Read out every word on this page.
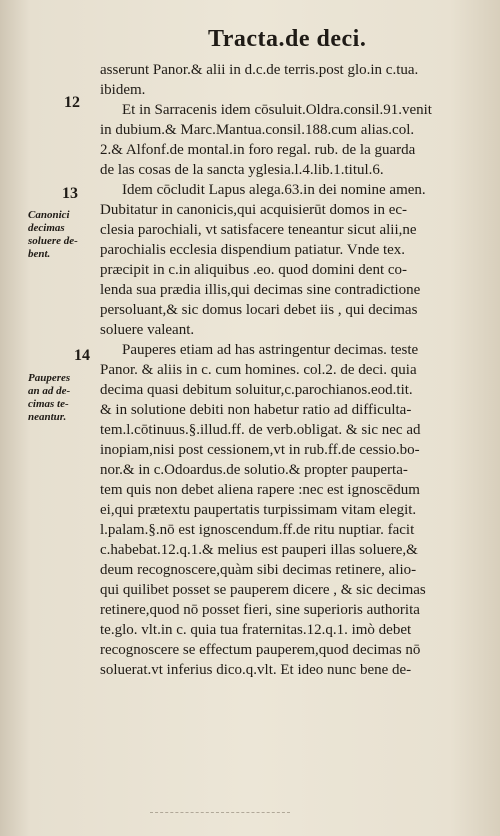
Tracta.de deci.
12
13
14
Canonici
decimas
soluere de-
bent.
Pauperes
an ad de-
cimas te-
neantur.
asserunt Panor.& alii in d.c.de terris.post glo.in c.tua.
ibidem.
Et in Sarracenis idem cōsuluit.Oldra.consil.91.venit
in dubium.& Marc.Mantua.consil.188.cum alias.col.
2.& Alfonf.de montal.in foro regal. rub. de la guarda
de las cosas de la sancta yglesia.l.4.lib.1.titul.6.
Idem cōcludit Lapus alega.63.in dei nomine amen.
Dubitatur in canonicis,qui acquisierūt domos in ec-
clesia parochiali, vt satisfacere teneantur sicut alii,ne
parochialis ecclesia dispendium patiatur. Vnde tex.
præcipit in c.in aliquibus .eo. quod domini dent co-
lenda sua prædia illis,qui decimas sine contradictione
persoluant,& sic domus locari debet iis , qui decimas
soluere valeant.
Pauperes etiam ad has astringentur decimas. teste
Panor. & aliis in c. cum homines. col.2. de deci. quia
decima quasi debitum soluitur,c.parochianos.eod.tit.
& in solutione debiti non habetur ratio ad difficulta-
tem.l.cōtinuus.§.illud.ff. de verb.obligat. & sic nec ad
inopiam,nisi post cessionem,vt in rub.ff.de cessio.bo-
nor.& in c.Odoardus.de solutio.& propter pauperta-
tem quis non debet aliena rapere :nec est ignoscēdum
ei,qui prætextu paupertatis turpissimam vitam elegit.
l.palam.§.nō est ignoscendum.ff.de ritu nuptiar. facit
c.habebat.12.q.1.& melius est pauperi illas soluere,&
deum recognoscere,quàm sibi decimas retinere, alio-
qui quilibet posset se pauperem dicere , & sic decimas
retinere,quod nō posset fieri, sine superioris authorita
te.glo. vlt.in c. quia tua fraternitas.12.q.1. imò debet
recognoscere se effectum pauperem,quod decimas nō
soluerat.vt inferius dico.q.vlt. Et ideo nunc bene de-
